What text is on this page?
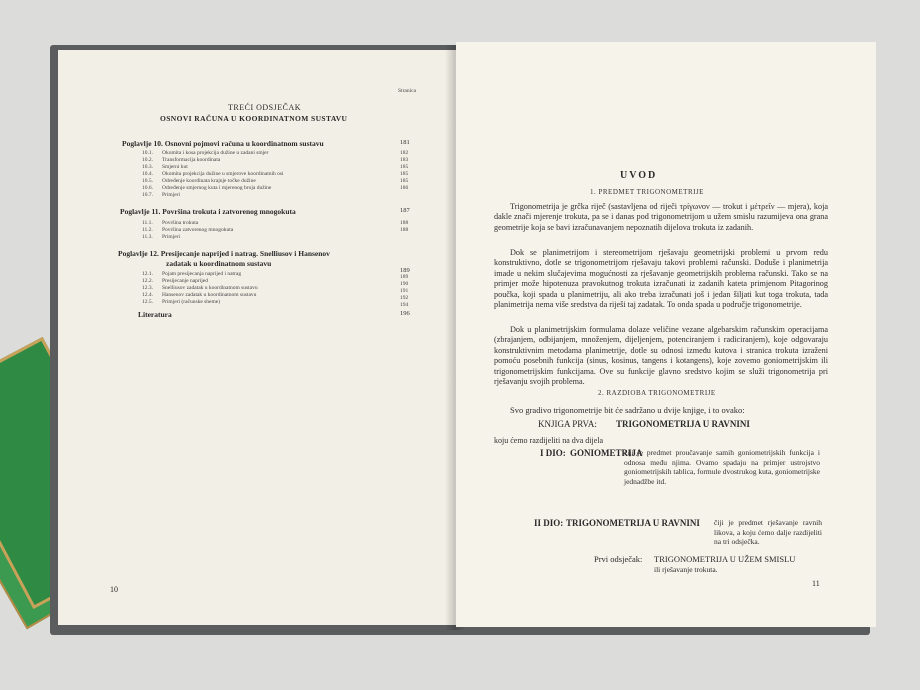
Stranica
TREĆI ODSJEČAK
OSNOVI RAČUNA U KOORDINATNOM SUSTAVU
Poglavlje 10. Osnovni pojmovi računa u koordinatnom sustavu	181
10.1. Okomita i kosa projekcija dužine u zadani smjer	182
10.2. Transformacija koordinata	183
10.3. Smjerni kut	185
10.4. Okomita projekcija dužine u smjerove koordinatnih osi	185
10.5. Određenje koordinata krajnje točke dužine	185
10.6. Određenje smjernog kuta i mjerenog broja dužine	186
10.7. Primjeri
Poglavlje 11. Površina trokuta i zatvorenog mnogokuta	187
11.1. Površina trokuta	188
11.2. Površina zatvorenog mnogokuta	188
11.3. Primjeri
Poglavlje 12. Presijecanje naprijed i natrag. Snelliusov i Hansenov
zadatak u koordinatnom sustavu
189
12.1. Pojam presijecanja naprijed i natrag	189
12.2. Presijecanje naprijed	190
12.3. Snelliusov zadatak u koordinatnom sustavu	191
12.4. Hansenov zadatak u koordinatnom sustavu	192
12.5. Primjeri (računske sheme)	194
Literatura	196
10
UVOD
1. PREDMET TRIGONOMETRIJE
Trigonometrija je grčka riječ (sastavljena od riječi τρίγωνον — trokut i μέτρεῖν — mjera), koja dakle znači mjerenje trokuta, pa se i danas pod trigonometrijom u užem smislu razumijeva ona grana geometrije koja se bavi izračunavanjem nepoznatih dijelova trokuta iz zadanih.
Dok se planimetrijom i stereometrijom rješavaju geometrijski problemi u prvom redu konstruktivno, dotle se trigonometrijom rješavaju takovi problemi računski. Doduše i planimetrija imade u nekim slučajevima mogućnosti za rješavanje geometrijskih problema računski. Tako se na primjer može hipotenuza pravokutnog trokuta izračunati iz zadanih kateta primjenom Pitagorinog poučka, koji spada u planimetriju, ali ako treba izračunati još i jedan šiljati kut toga trokuta, tada planimetrija nema više sredstva da riješi taj zadatak. To onda spada u područje trigonometrije.
Dok u planimetrijskim formulama dolaze veličine vezane algebarskim računskim operacijama (zbrajanjem, odbijanjem, množenjem, dijeljenjem, potenciranjem i radiciranjem), koje odgovaraju konstruktivnim metodama planimetrije, dotle su odnosi između kutova i stranica trokuta izraženi pomoću posebnih funkcija (sinus, kosinus, tangens i kotangens), koje zovemo goniometrijskim ili trigonometrijskim funkcijama. Ove su funkcije glavno sredstvo kojim se služi trigonometrija pri rješavanju svojih problema.
2. RAZDIOBA TRIGONOMETRIJE
Svo gradivo trigonometrije bit će sadržano u dvije knjige, i to ovako:
KNJIGA PRVA: TRIGONOMETRIJA U RAVNINI
koju ćemo razdijeliti na dva dijela
I DIO: GONIOMETRIJA
čiji je predmet proučavanje samih goniometrijskih funkcija i odnosa među njima. Ovamo spadaju na primjer ustrojstvo goniometrijskih tablica, formule dvostrukog kuta, goniometrijske jednadžbe itd.
II DIO: TRIGONOMETRIJA U RAVNINI čiji je predmet rješavanje ravnih likova, a koju ćemo dalje razdijeliti na tri odsječka.
Prvi odsječak: TRIGONOMETRIJA U UŽEM SMISLU
ili rješavanje trokuta.
11
